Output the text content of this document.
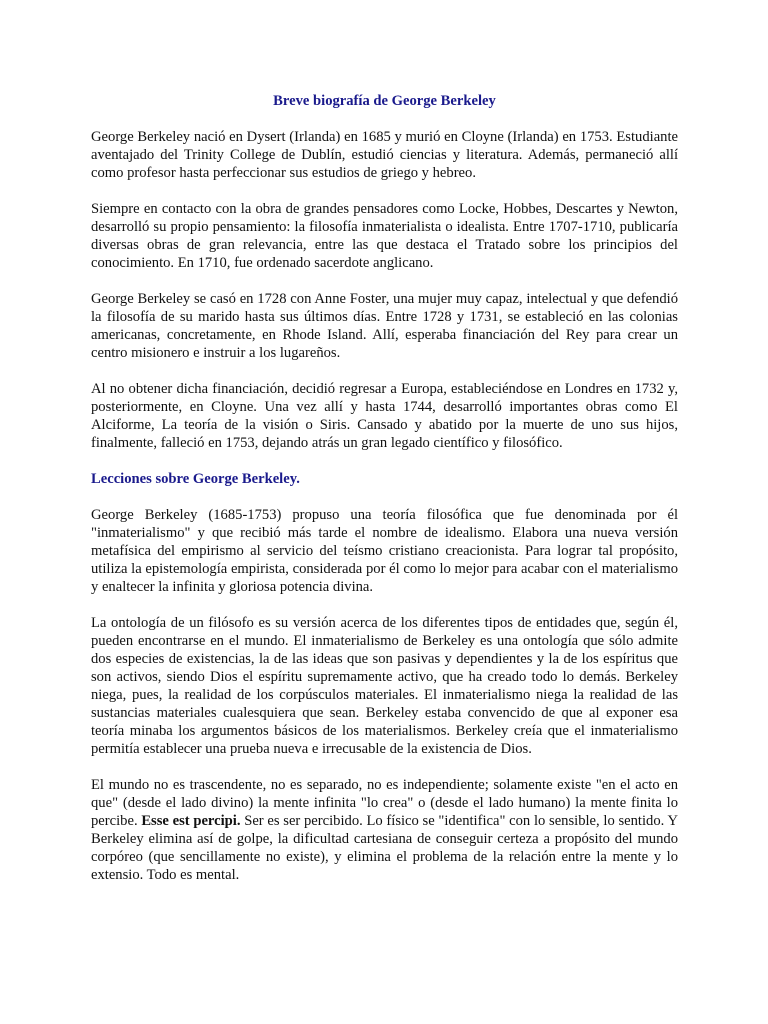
Breve biografía de George Berkeley

George Berkeley nació en Dysert (Irlanda) en 1685 y murió en Cloyne (Irlanda) en 1753. Estudiante aventajado del Trinity College de Dublín, estudió ciencias y literatura. Además, permaneció allí como profesor hasta perfeccionar sus estudios de griego y hebreo.

Siempre en contacto con la obra de grandes pensadores como Locke, Hobbes, Descartes y Newton, desarrolló su propio pensamiento: la filosofía inmaterialista o idealista. Entre 1707-1710, publicaría diversas obras de gran relevancia, entre las que destaca el Tratado sobre los principios del conocimiento. En 1710, fue ordenado sacerdote anglicano.

George Berkeley se casó en 1728 con Anne Foster, una mujer muy capaz, intelectual y que defendió la filosofía de su marido hasta sus últimos días. Entre 1728 y 1731, se estableció en las colonias americanas, concretamente, en Rhode Island. Allí, esperaba financiación del Rey para crear un centro misionero e instruir a los lugareños.

Al no obtener dicha financiación, decidió regresar a Europa, estableciéndose en Londres en 1732 y, posteriormente, en Cloyne. Una vez allí y hasta 1744, desarrolló importantes obras como El Alciforme, La teoría de la visión o Siris. Cansado y abatido por la muerte de uno sus hijos, finalmente, falleció en 1753, dejando atrás un gran legado científico y filosófico.

Lecciones sobre George Berkeley.

George Berkeley (1685-1753) propuso una teoría filosófica que fue denominada por él "inmaterialismo" y que recibió más tarde el nombre de idealismo. Elabora una nueva versión metafísica del empirismo al servicio del teísmo cristiano creacionista. Para lograr tal propósito, utiliza la epistemología empirista, considerada por él como lo mejor para acabar con el materialismo y enaltecer la infinita y gloriosa potencia divina.

La ontología de un filósofo es su versión acerca de los diferentes tipos de entidades que, según él, pueden encontrarse en el mundo. El inmaterialismo de Berkeley es una ontología que sólo admite dos especies de existencias, la de las ideas que son pasivas y dependientes y la de los espíritus que son activos, siendo Dios el espíritu supremamente activo, que ha creado todo lo demás. Berkeley niega, pues, la realidad de los corpúsculos materiales. El inmaterialismo niega la realidad de las sustancias materiales cualesquiera que sean. Berkeley estaba convencido de que al exponer esa teoría minaba los argumentos básicos de los materialismos. Berkeley creía que el inmaterialismo permitía establecer una prueba nueva e irrecusable de la existencia de Dios.

El mundo no es trascendente, no es separado, no es independiente; solamente existe "en el acto en que" (desde el lado divino) la mente infinita "lo crea" o (desde el lado humano) la mente finita lo percibe. Esse est percipi. Ser es ser percibido. Lo físico se "identifica" con lo sensible, lo sentido. Y Berkeley elimina así de golpe, la dificultad cartesiana de conseguir certeza a propósito del mundo corpóreo (que sencillamente no existe), y elimina el problema de la relación entre la mente y lo extensio. Todo es mental.
